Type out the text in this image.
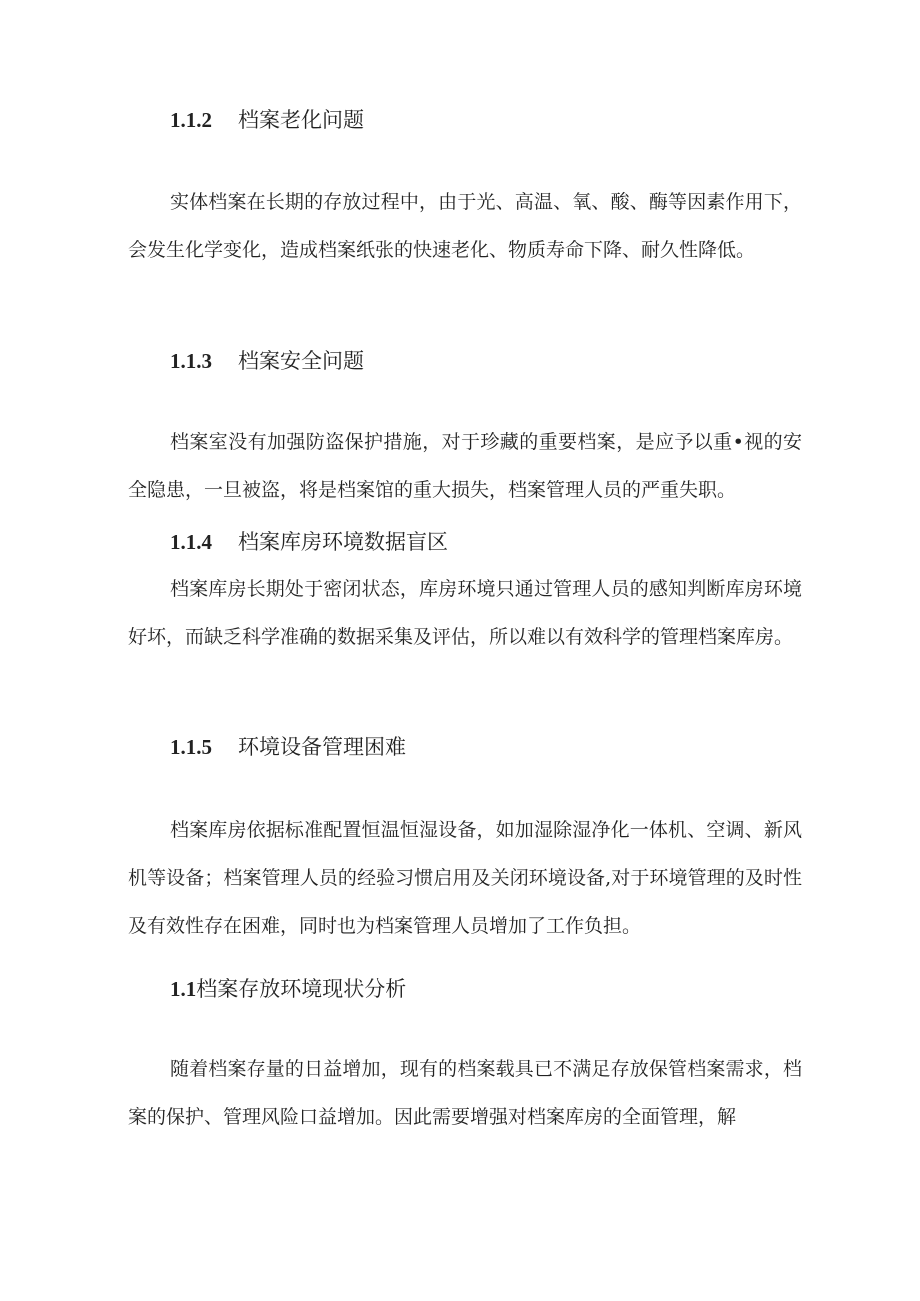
1.1.2 档案老化问题

实体档案在长期的存放过程中，由于光、高温、氧、酸、酶等因素作用下，会发生化学变化，造成档案纸张的快速老化、物质寿命下降、耐久性降低。

1.1.3 档案安全问题

档案室没有加强防盗保护措施，对于珍藏的重要档案，是应予以重•视的安全隐患，一旦被盗，将是档案馆的重大损失，档案管理人员的严重失职。

1.1.4 档案库房环境数据盲区

档案库房长期处于密闭状态，库房环境只通过管理人员的感知判断库房环境好坏，而缺乏科学准确的数据采集及评估，所以难以有效科学的管理档案库房。

1.1.5 环境设备管理困难

档案库房依据标准配置恒温恒湿设备，如加湿除湿净化一体机、空调、新风机等设备；档案管理人员的经验习惯启用及关闭环境设备,对于环境管理的及时性及有效性存在困难，同时也为档案管理人员增加了工作负担。

1.1档案存放环境现状分析

随着档案存量的日益增加，现有的档案载具已不满足存放保管档案需求，档案的保护、管理风险口益增加。因此需要增强对档案库房的全面管理，解
